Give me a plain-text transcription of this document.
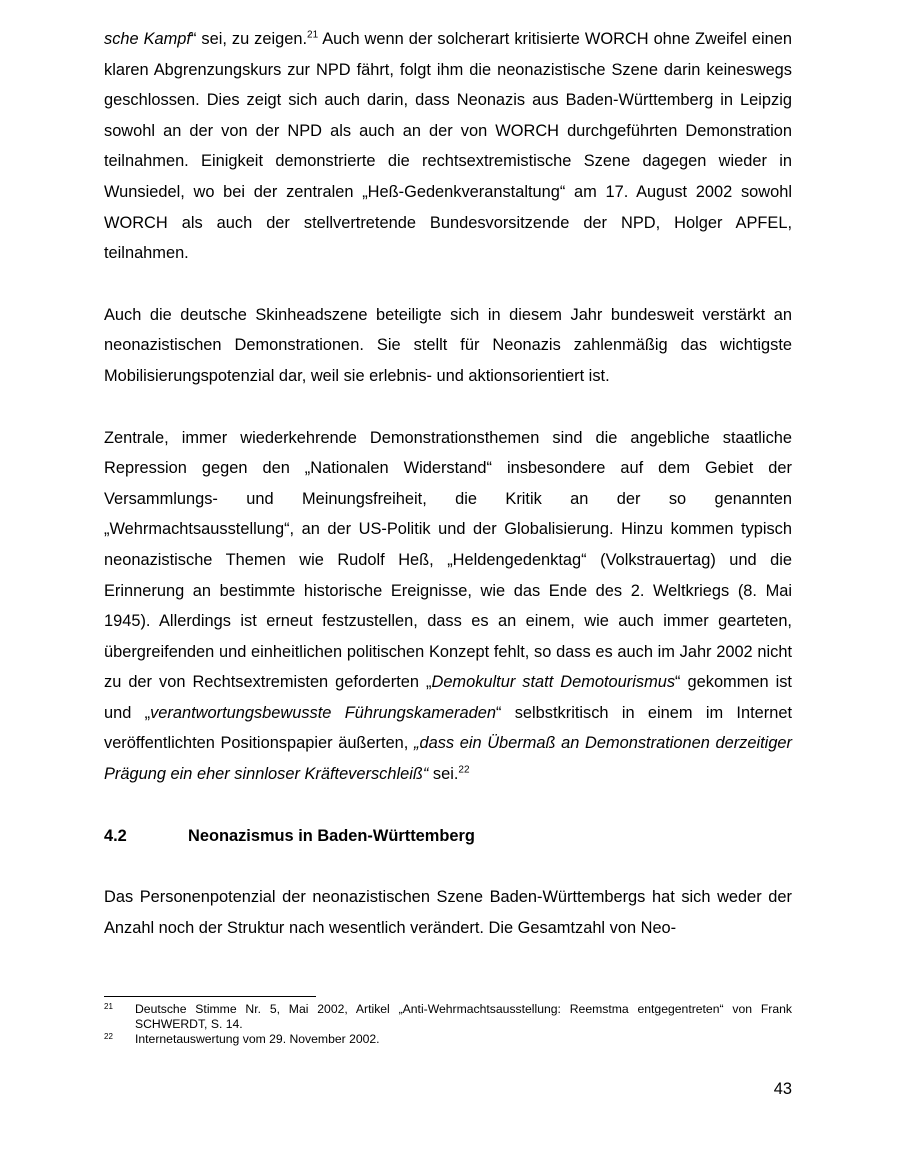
sche Kampf“ sei, zu zeigen.$^{21}$ Auch wenn der solcherart kritisierte WORCH ohne Zweifel einen klaren Abgrenzungskurs zur NPD fährt, folgt ihm die neonazistische Szene darin keineswegs geschlossen. Dies zeigt sich auch darin, dass Neonazis aus Baden-Württemberg in Leipzig sowohl an der von der NPD als auch an der von WORCH durchgeführten Demonstration teilnahmen. Einigkeit demonstrierte die rechtsextremistische Szene dagegen wieder in Wunsiedel, wo bei der zentralen „Heß-Gedenkveranstaltung“ am 17. August 2002 sowohl WORCH als auch der stellvertretende Bundesvorsitzende der NPD, Holger APFEL, teilnahmen.

Auch die deutsche Skinheadszene beteiligte sich in diesem Jahr bundesweit verstärkt an neonazistischen Demonstrationen. Sie stellt für Neonazis zahlenmäßig das wichtigste Mobilisierungspotenzial dar, weil sie erlebnis- und aktionsorientiert ist.

Zentrale, immer wiederkehrende Demonstrationsthemen sind die angebliche staatliche Repression gegen den „Nationalen Widerstand“ insbesondere auf dem Gebiet der Versammlungs- und Meinungsfreiheit, die Kritik an der so genannten „Wehrmachtsausstellung“, an der US-Politik und der Globalisierung. Hinzu kommen typisch neonazistische Themen wie Rudolf Heß, „Heldengedenktag“ (Volkstrauertag) und die Erinnerung an bestimmte historische Ereignisse, wie das Ende des 2. Weltkriegs (8. Mai 1945). Allerdings ist erneut festzustellen, dass es an einem, wie auch immer gearteten, übergreifenden und einheitlichen politischen Konzept fehlt, so dass es auch im Jahr 2002 nicht zu der von Rechtsextremisten geforderten „Demokultur statt Demotourismus“ gekommen ist und „verantwortungsbewusste Führungskameraden“ selbstkritisch in einem im Internet veröffentlichten Positionspapier äußerten, „dass ein Übermaß an Demonstrationen derzeitiger Prägung ein eher sinnloser Kräfteverschleiß“ sei.$^{22}$

4.2	Neonazismus in Baden-Württemberg

Das Personenpotenzial der neonazistischen Szene Baden-Württembergs hat sich weder der Anzahl noch der Struktur nach wesentlich verändert. Die Gesamtzahl von Neo-

21	Deutsche Stimme Nr. 5, Mai 2002, Artikel „Anti-Wehrmachtsausstellung: Reemstma entgegentreten“ von Frank SCHWERDT, S. 14.
22	Internetauswertung vom 29. November 2002.
43
